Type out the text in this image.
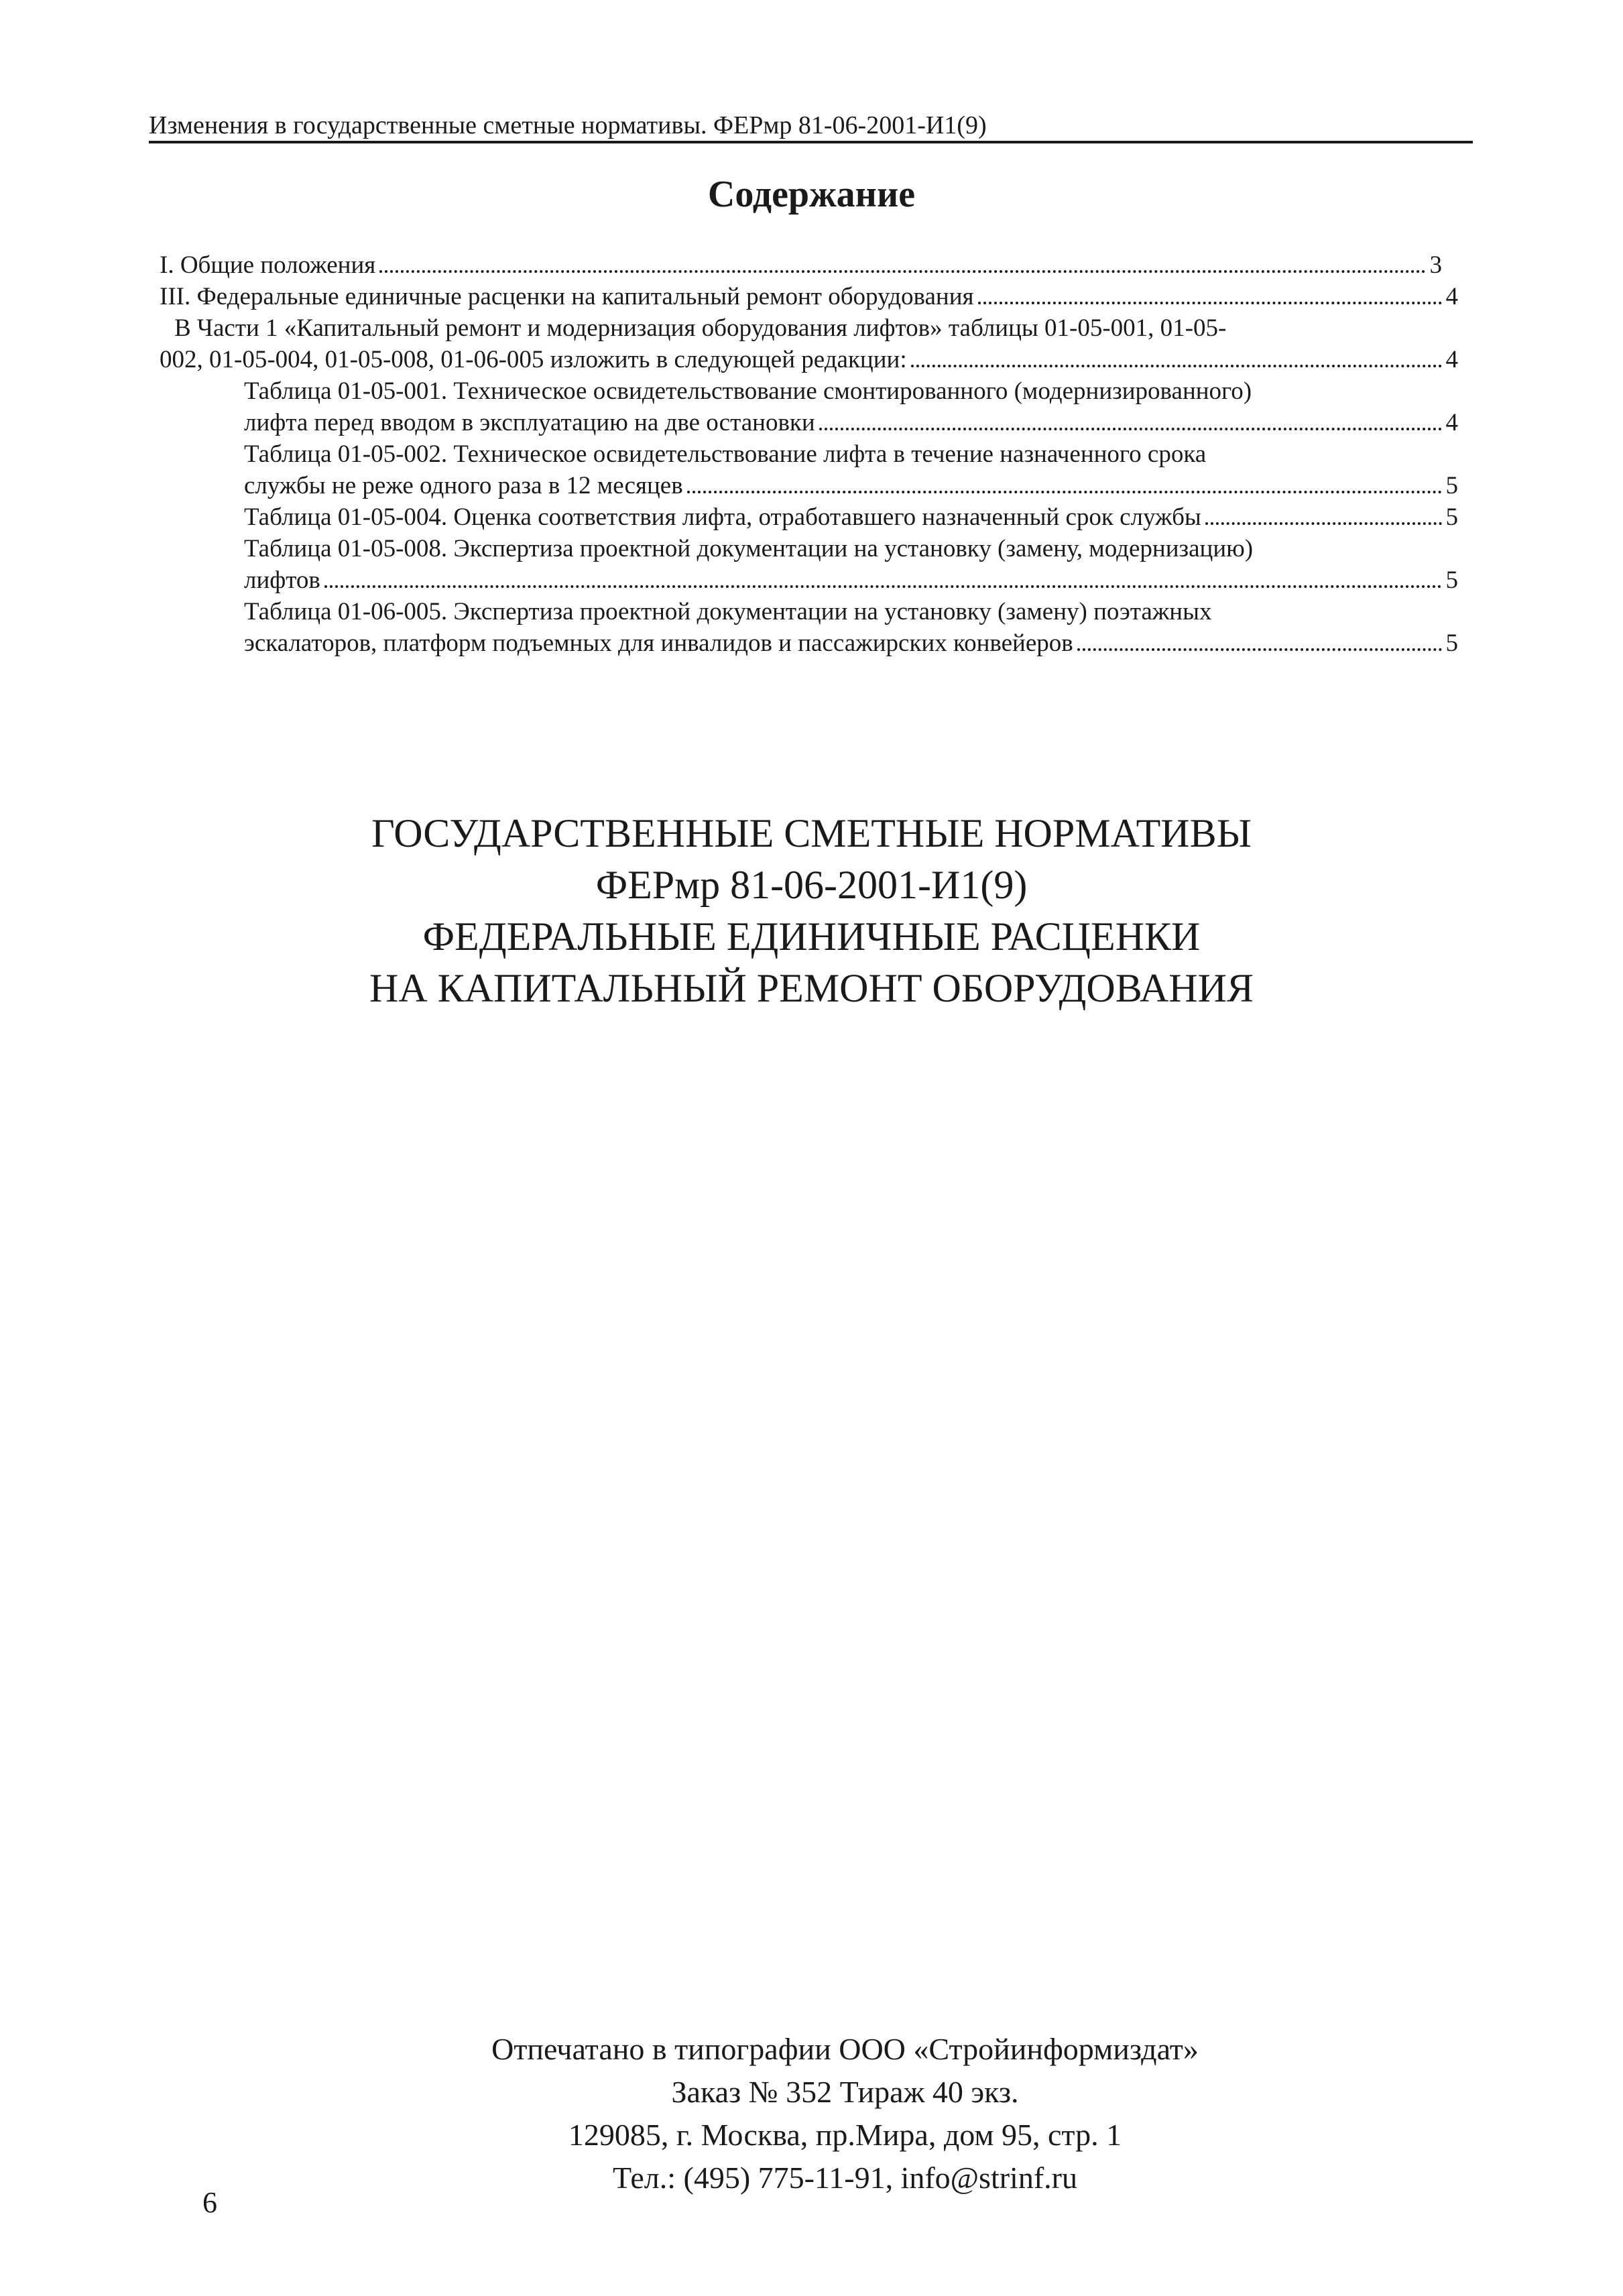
Изменения в государственные сметные нормативы. ФЕРмр 81-06-2001-И1(9)
Содержание
I. Общие положения	3
III. Федеральные единичные расценки на капитальный ремонт оборудования	4
В Части 1 «Капитальный ремонт и модернизация оборудования лифтов» таблицы 01-05-001, 01-05-
002, 01-05-004, 01-05-008, 01-06-005 изложить в следующей редакции:	4
Таблица 01-05-001. Техническое освидетельствование смонтированного (модернизированного)
лифта перед вводом в эксплуатацию на две остановки	4
Таблица 01-05-002. Техническое освидетельствование лифта в течение назначенного срока
службы не реже одного раза в 12 месяцев	5
Таблица 01-05-004. Оценка соответствия лифта, отработавшего назначенный срок службы	5
Таблица 01-05-008. Экспертиза проектной документации на установку (замену, модернизацию)
лифтов	5
Таблица 01-06-005. Экспертиза проектной документации на установку (замену) поэтажных
эскалаторов, платформ подъемных для инвалидов и пассажирских конвейеров	5
ГОСУДАРСТВЕННЫЕ СМЕТНЫЕ НОРМАТИВЫ
ФЕРмр 81-06-2001-И1(9)
ФЕДЕРАЛЬНЫЕ ЕДИНИЧНЫЕ РАСЦЕНКИ
НА КАПИТАЛЬНЫЙ РЕМОНТ ОБОРУДОВАНИЯ
Отпечатано в типографии ООО «Стройинформиздат»
Заказ № 352 Тираж 40 экз.
129085, г. Москва, пр.Мира, дом 95, стр. 1
Тел.: (495) 775-11-91, info@strinf.ru
6
